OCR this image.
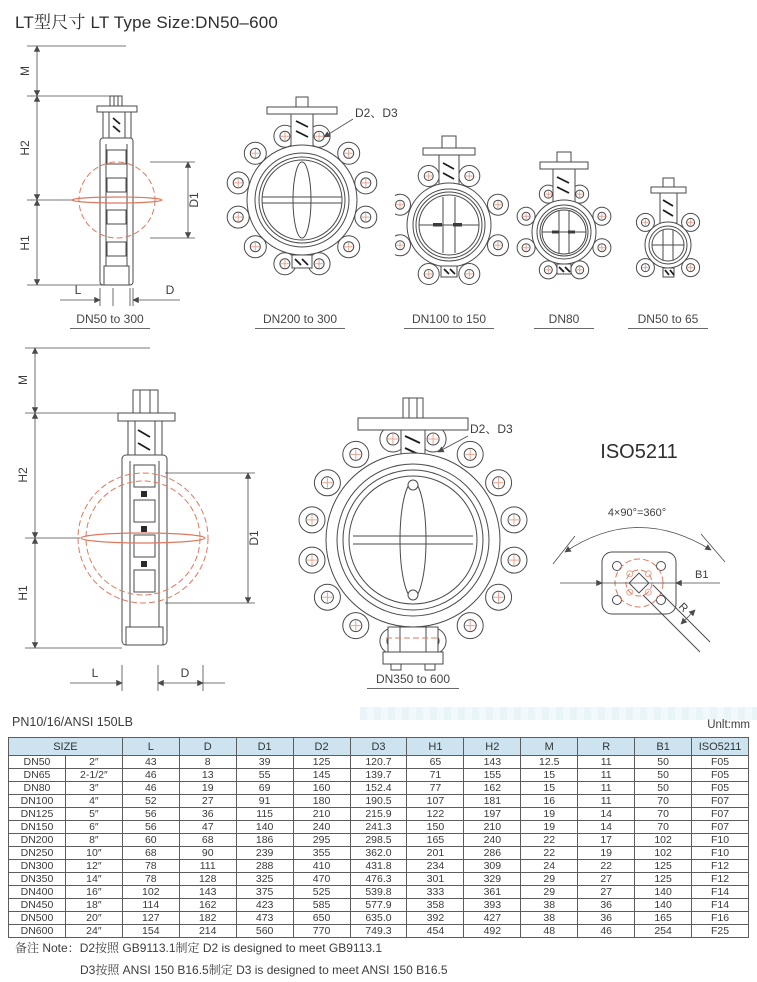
LT型尺寸 LT Type Size:DN50–600
M
H2
H1
D1
L	D
DN50 to 300
D2、D3
DN200 to 300	DN100 to 150	DN80	DN50 to 65
M
H2
H1
D1
L	D
D2、D3
DN350 to 600
ISO5211
4×90°=360°
B1
R
PN10/16/ANSI 150LB	Unlt:mm
SIZE		L	D	D1	D2	D3	H1	H2	M	R	B1	ISO5211
DN50	2″	43	8	39	125	120.7	65	143	12.5	11	50	F05
DN65	2-1/2″	46	13	55	145	139.7	71	155	15	11	50	F05
DN80	3″	46	19	69	160	152.4	77	162	15	11	50	F05
DN100	4″	52	27	91	180	190.5	107	181	16	11	70	F07
DN125	5″	56	36	115	210	215.9	122	197	19	14	70	F07
DN150	6″	56	47	140	240	241.3	150	210	19	14	70	F07
DN200	8″	60	68	186	295	298.5	165	240	22	17	102	F10
DN250	10″	68	90	239	355	362.0	201	286	22	19	102	F10
DN300	12″	78	111	288	410	431.8	234	309	24	22	125	F12
DN350	14″	78	128	325	470	476.3	301	329	29	27	125	F12
DN400	16″	102	143	375	525	539.8	333	361	29	27	140	F14
DN450	18″	114	162	423	585	577.9	358	393	38	36	140	F14
DN500	20″	127	182	473	650	635.0	392	427	38	36	165	F16
DN600	24″	154	214	560	770	749.3	454	492	48	46	254	F25
备注 Note：D2按照 GB9113.1制定 D2 is designed to meet GB9113.1
D3按照 ANSI 150 B16.5制定 D3 is designed to meet ANSI 150 B16.5
